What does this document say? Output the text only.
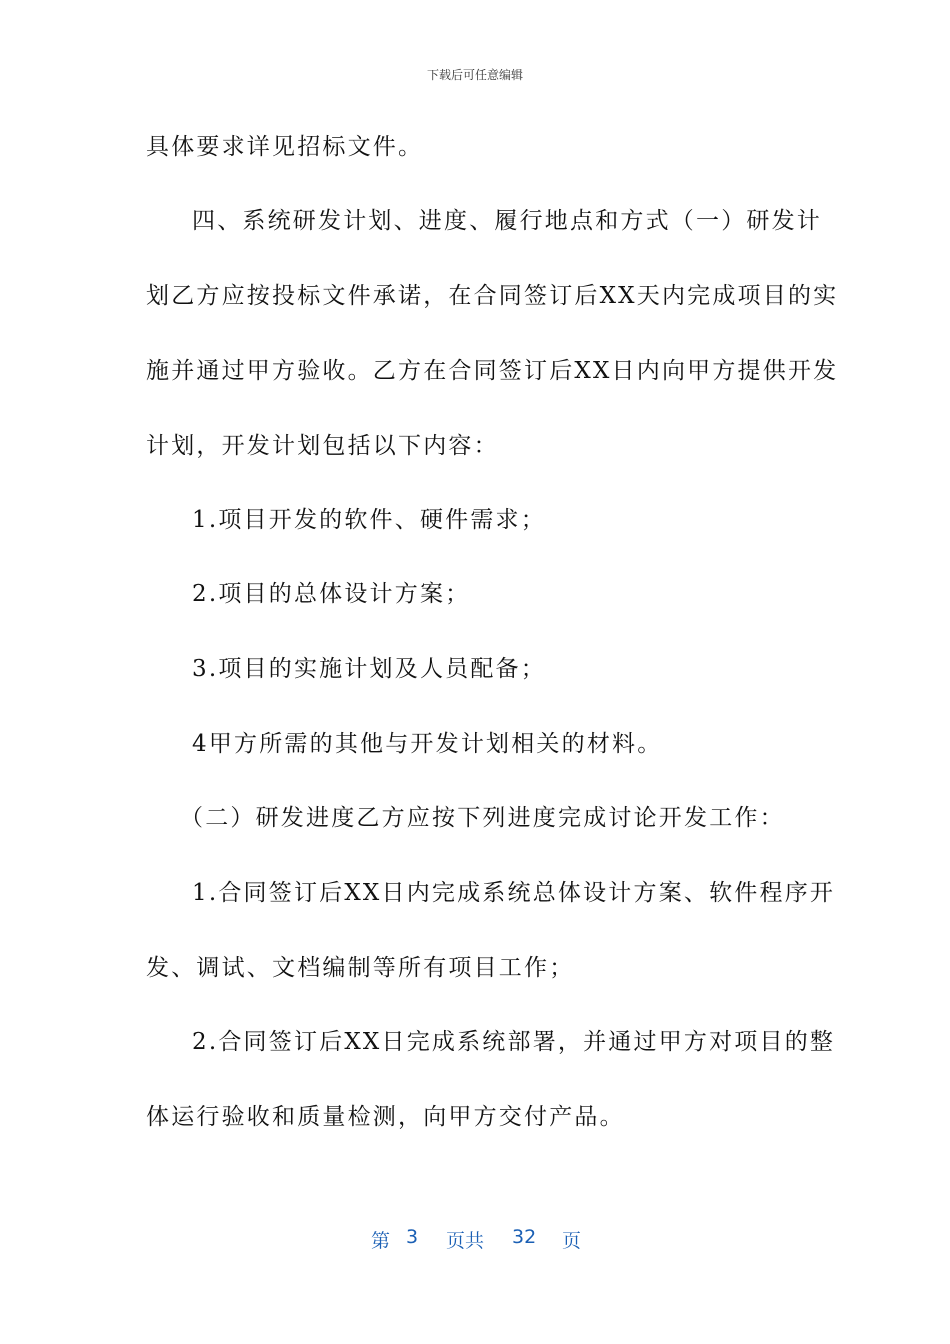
下载后可任意编辑
具体要求详见招标文件。
四、系统研发计划、进度、履行地点和方式（一）研发计
划乙方应按投标文件承诺，在合同签订后XX天内完成项目的实
施并通过甲方验收。乙方在合同签订后XX日内向甲方提供开发
计划，开发计划包括以下内容：
1.项目开发的软件、硬件需求；
2.项目的总体设计方案；
3.项目的实施计划及人员配备；
4甲方所需的其他与开发计划相关的材料。
（二）研发进度乙方应按下列进度完成讨论开发工作：
1.合同签订后XX日内完成系统总体设计方案、软件程序开
发、调试、文档编制等所有项目工作；
2.合同签订后XX日完成系统部署，并通过甲方对项目的整
体运行验收和质量检测，向甲方交付产品。
第 3 页共 32 页
